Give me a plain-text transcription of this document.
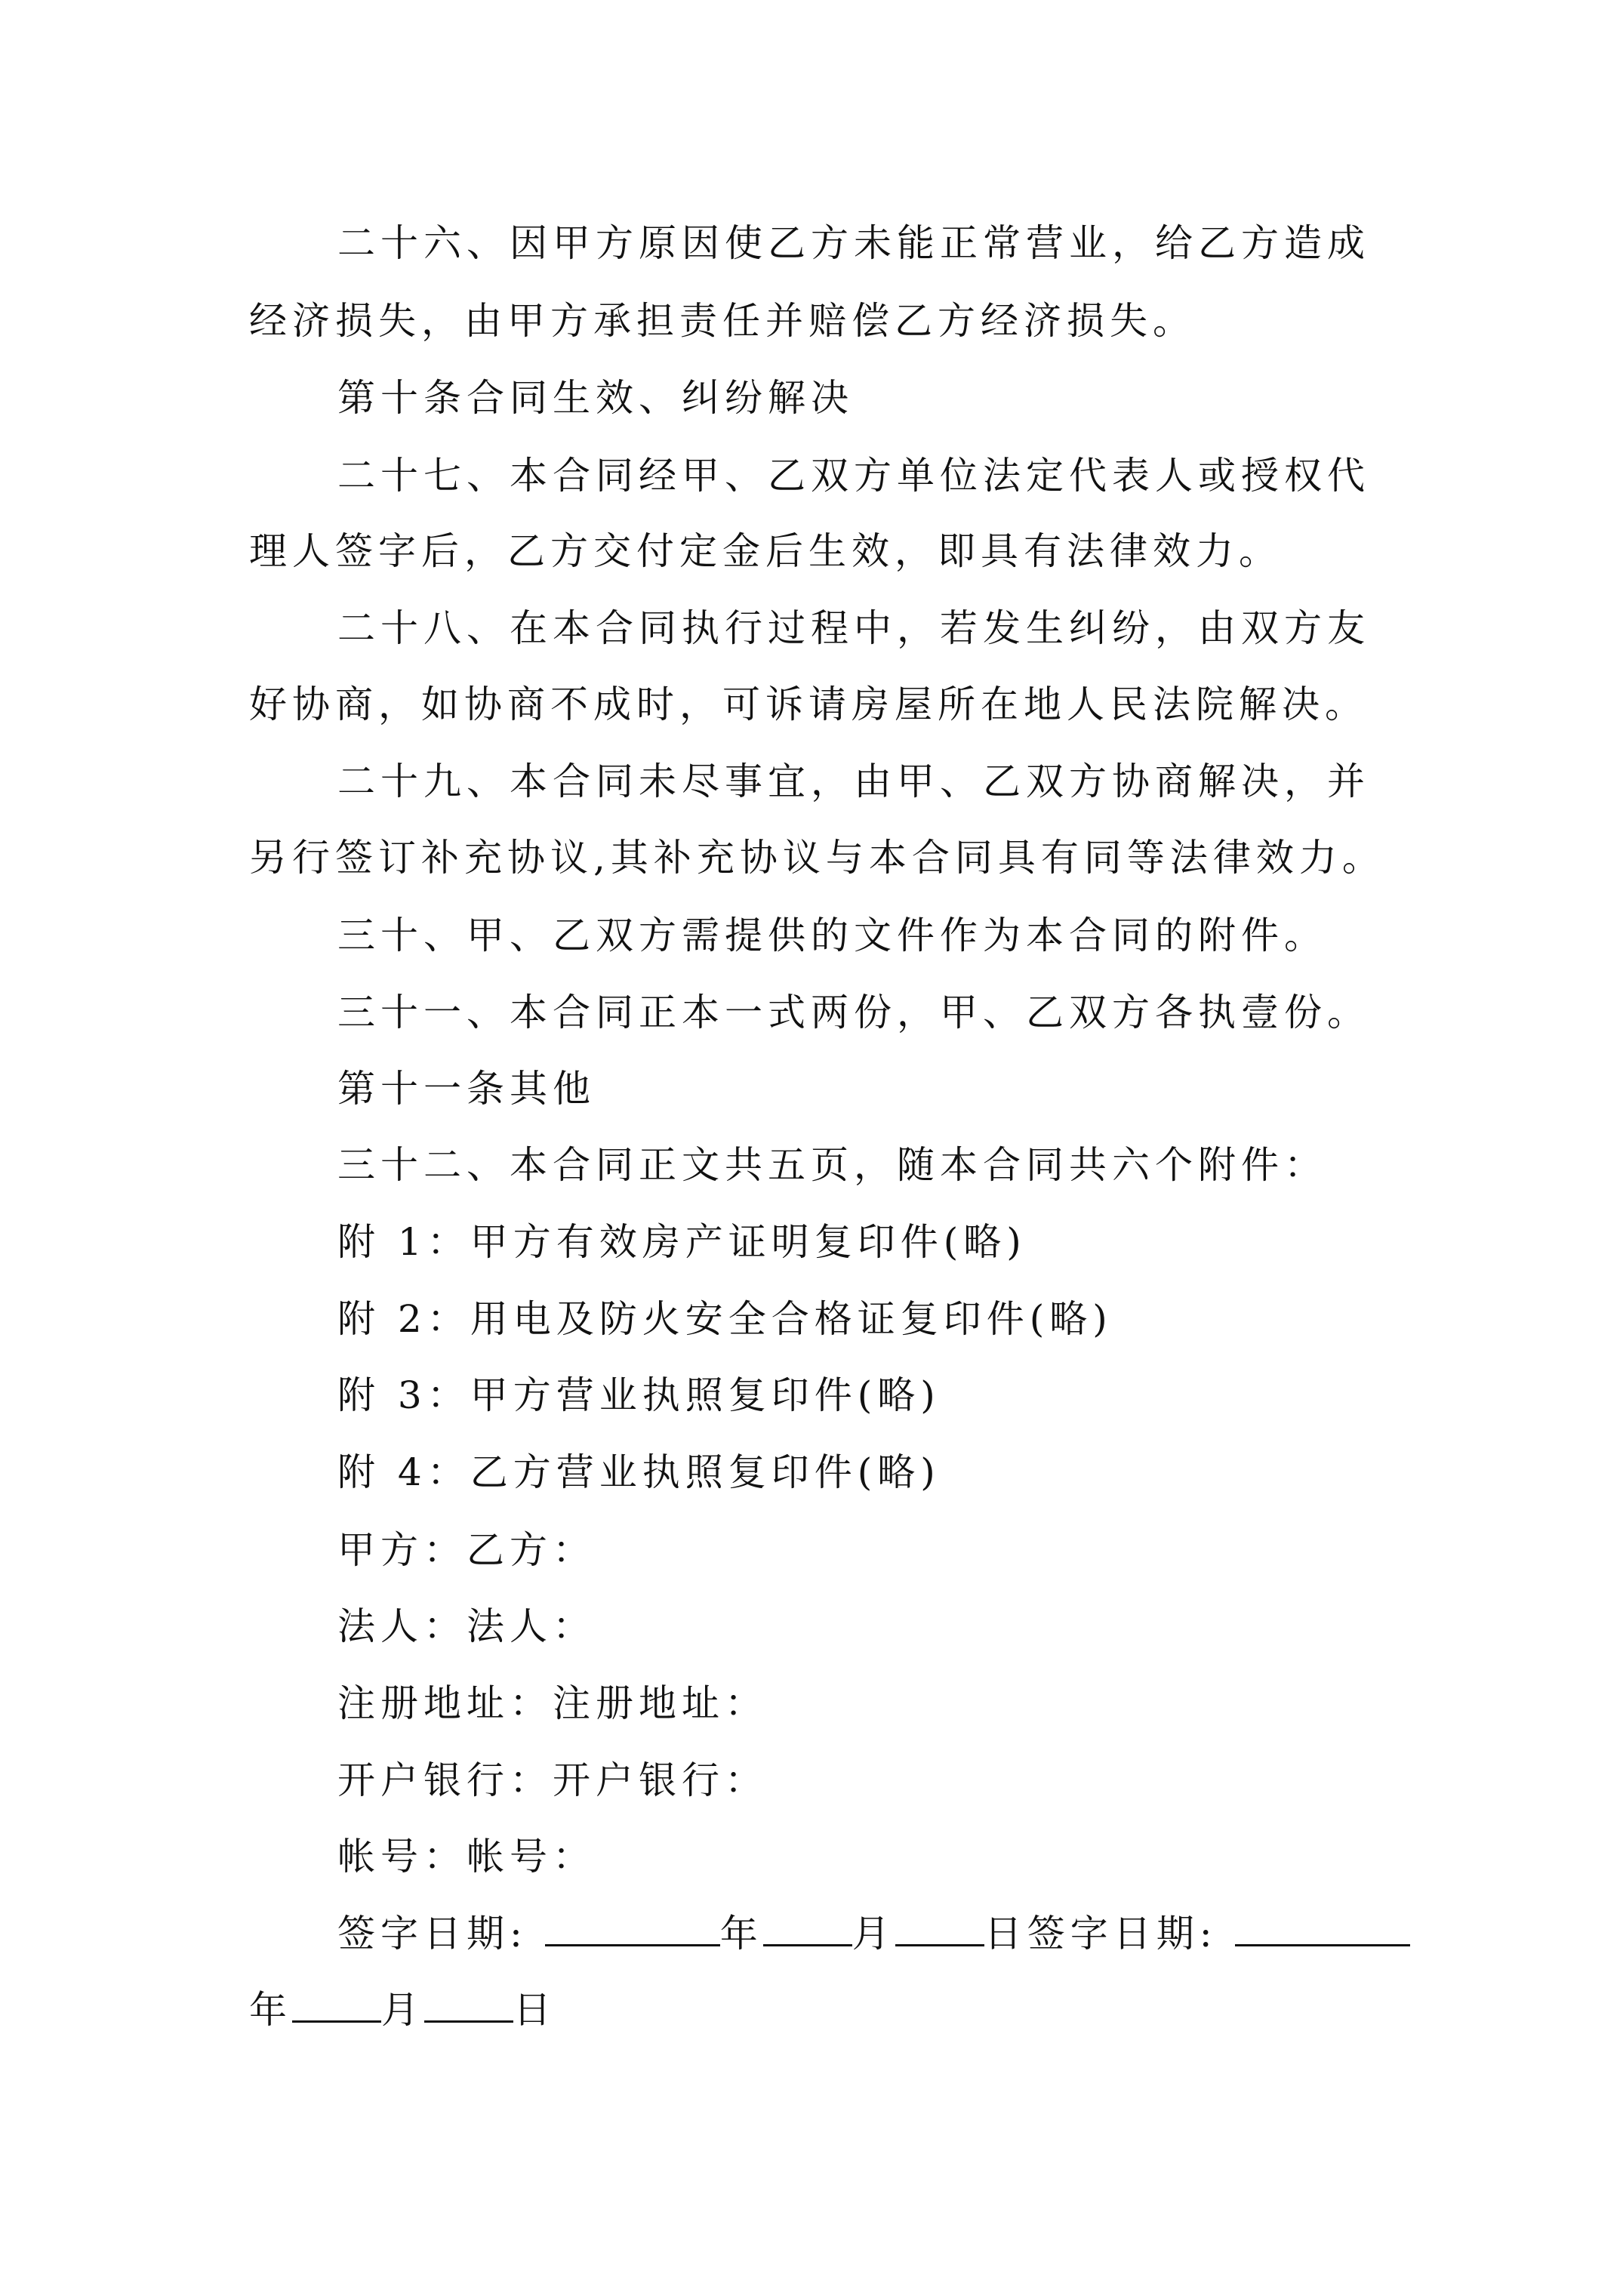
二十六、因甲方原因使乙方未能正常营业，给乙方造成
经济损失，由甲方承担责任并赔偿乙方经济损失。
第十条合同生效、纠纷解决
二十七、本合同经甲、乙双方单位法定代表人或授权代
理人签字后，乙方交付定金后生效，即具有法律效力。
二十八、在本合同执行过程中，若发生纠纷，由双方友
好协商，如协商不成时，可诉请房屋所在地人民法院解决。
二十九、本合同未尽事宜，由甲、乙双方协商解决，并
另行签订补充协议,其补充协议与本合同具有同等法律效力。
三十、甲、乙双方需提供的文件作为本合同的附件。
三十一、本合同正本一式两份，甲、乙双方各执壹份。
第十一条其他
三十二、本合同正文共五页，随本合同共六个附件：
附 1：甲方有效房产证明复印件(略)
附 2：用电及防火安全合格证复印件(略)
附 3：甲方营业执照复印件(略)
附 4：乙方营业执照复印件(略)
甲方：乙方：
法人：法人：
注册地址：注册地址：
开户银行：开户银行：
帐号：帐号：
签字日期:	年 月 日签字日期:
年 月 日
